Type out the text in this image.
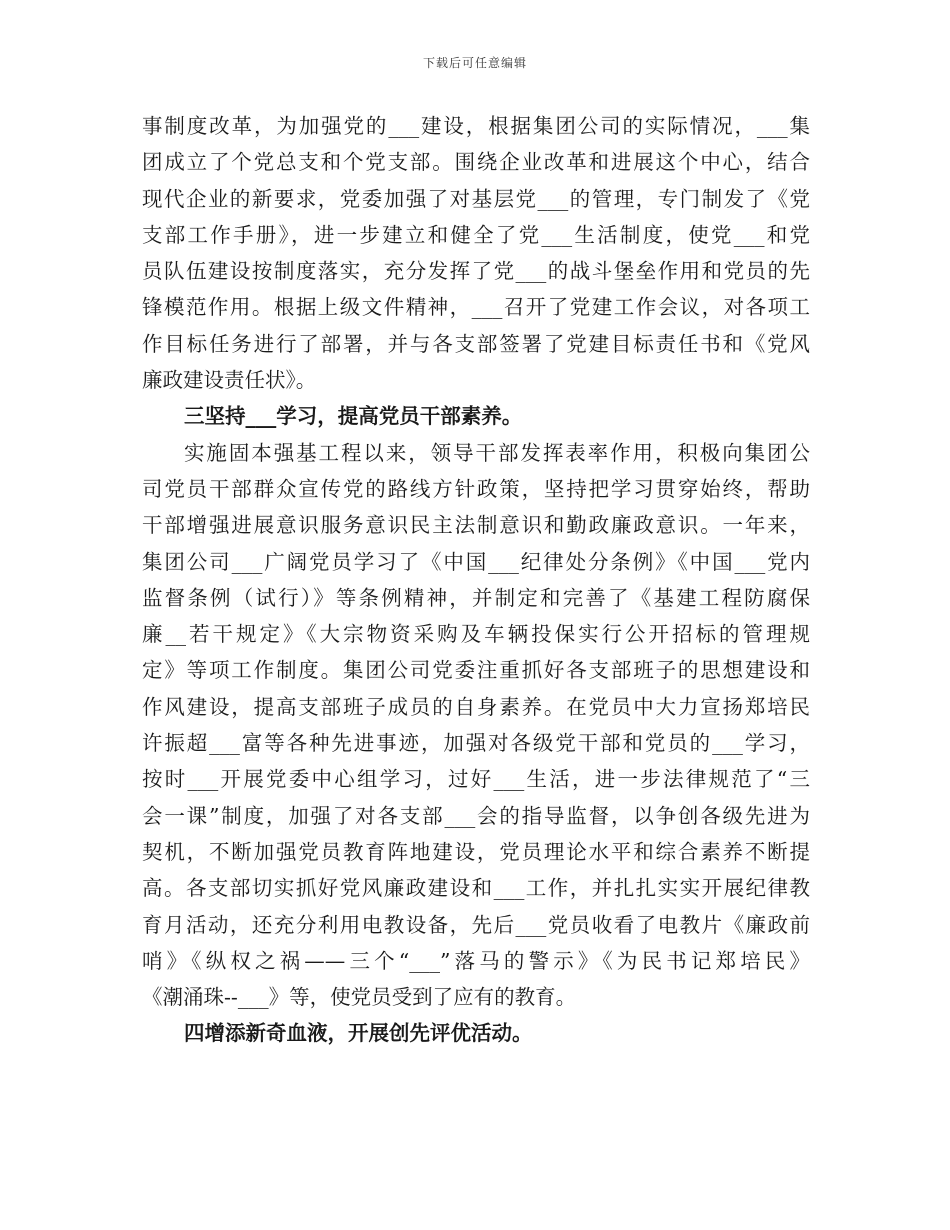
下载后可任意编辑
事制度改革，为加强党的___建设，根据集团公司的实际情况，___集
团成立了个党总支和个党支部。围绕企业改革和进展这个中心，结合
现代企业的新要求，党委加强了对基层党___的管理，专门制发了《党
支部工作手册》，进一步建立和健全了党___生活制度，使党___和党
员队伍建设按制度落实，充分发挥了党___的战斗堡垒作用和党员的先
锋模范作用。根据上级文件精神，___召开了党建工作会议，对各项工
作目标任务进行了部署，并与各支部签署了党建目标责任书和《党风
廉政建设责任状》。
三坚持___学习，提高党员干部素养。
实施固本强基工程以来，领导干部发挥表率作用，积极向集团公
司党员干部群众宣传党的路线方针政策，坚持把学习贯穿始终，帮助
干部增强进展意识服务意识民主法制意识和勤政廉政意识。一年来，
集团公司___广阔党员学习了《中国___纪律处分条例》《中国___党内
监督条例（试行）》等条例精神，并制定和完善了《基建工程防腐保
廉__若干规定》《大宗物资采购及车辆投保实行公开招标的管理规
定》等项工作制度。集团公司党委注重抓好各支部班子的思想建设和
作风建设，提高支部班子成员的自身素养。在党员中大力宣扬郑培民
许振超___富等各种先进事迹，加强对各级党干部和党员的___学习，
按时___开展党委中心组学习，过好___生活，进一步法律规范了“三
会一课”制度，加强了对各支部___会的指导监督，以争创各级先进为
契机，不断加强党员教育阵地建设，党员理论水平和综合素养不断提
高。各支部切实抓好党风廉政建设和___工作，并扎扎实实开展纪律教
育月活动，还充分利用电教设备，先后___党员收看了电教片《廉政前
哨》《纵权之祸——三个“___”落马的警示》《为民书记郑培民》
《潮涌珠--___》等，使党员受到了应有的教育。
四增添新奇血液，开展创先评优活动。
